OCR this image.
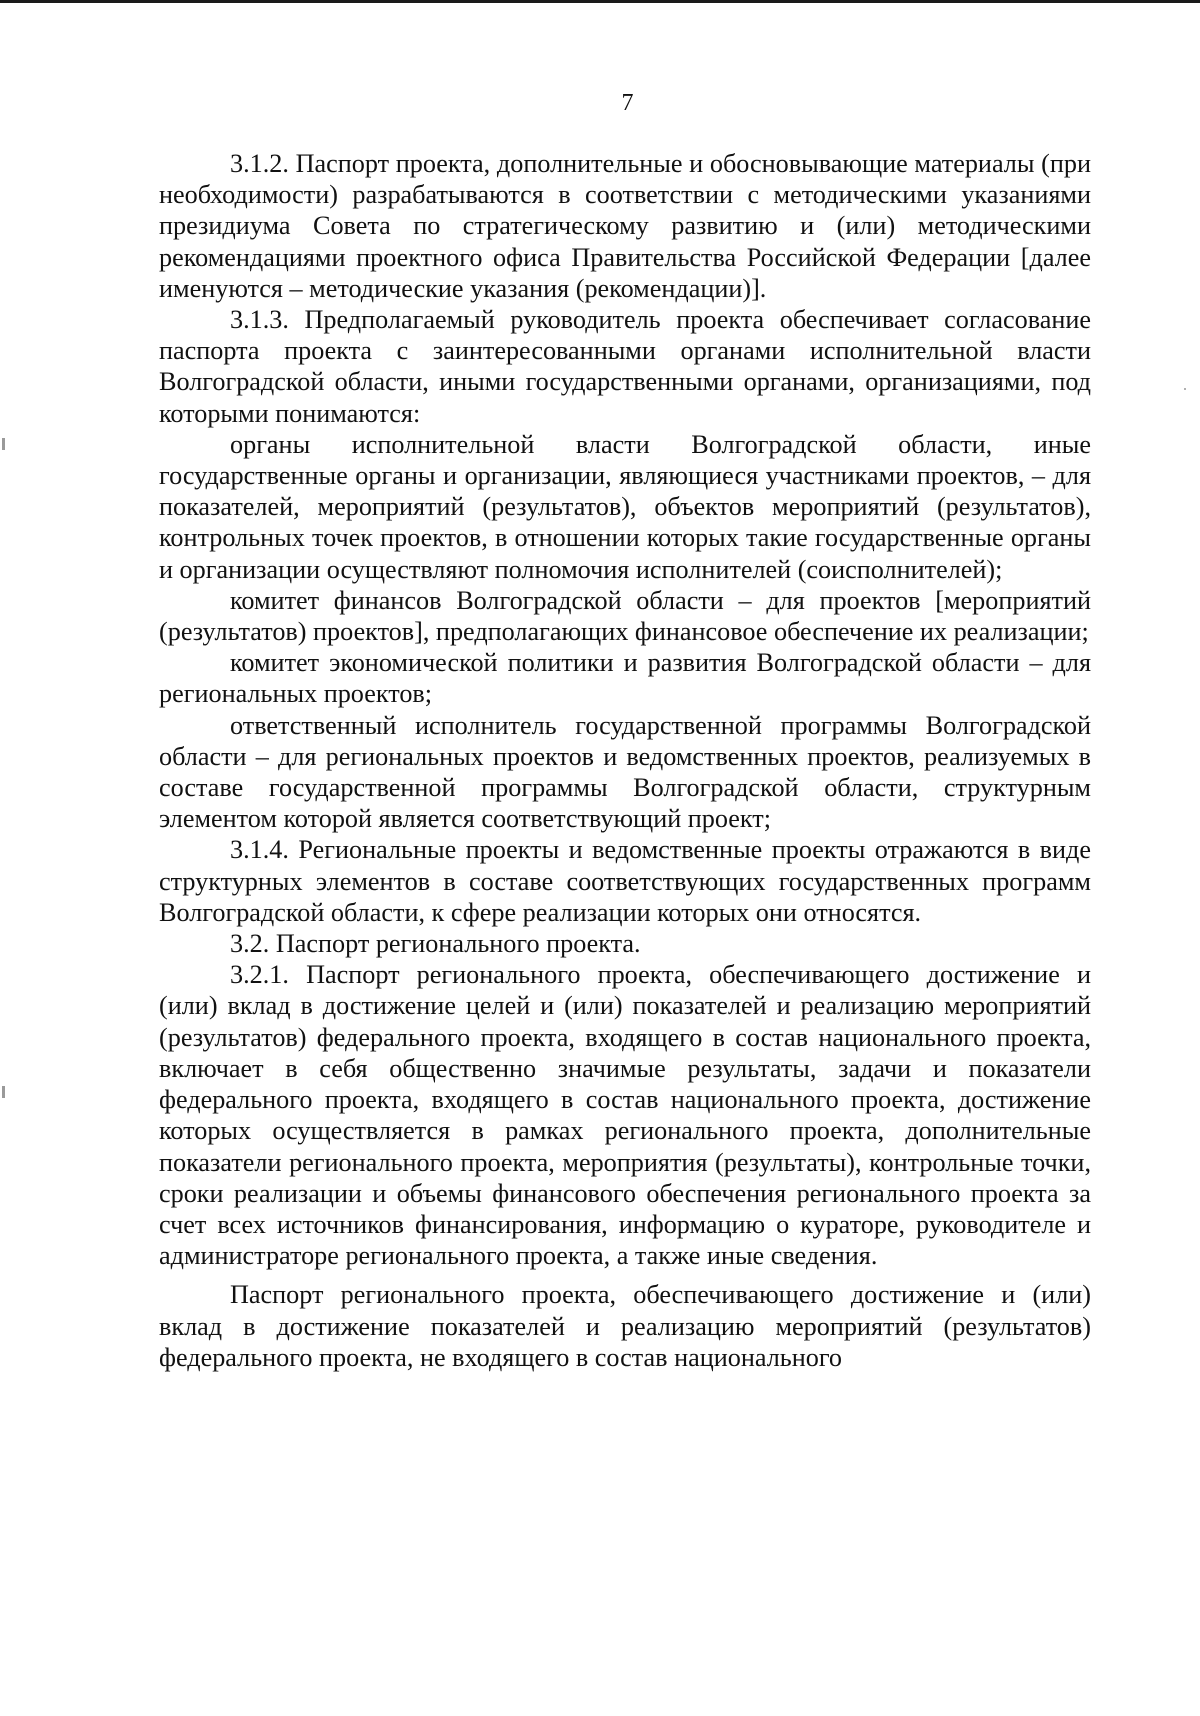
7

3.1.2. Паспорт проекта, дополнительные и обосновывающие материалы (при необходимости) разрабатываются в соответствии с методическими указаниями президиума Совета по стратегическому развитию и (или) методическими рекомендациями проектного офиса Правительства Российской Федерации [далее именуются – методические указания (рекомендации)].

3.1.3. Предполагаемый руководитель проекта обеспечивает согласование паспорта проекта с заинтересованными органами исполнительной власти Волгоградской области, иными государственными органами, организациями, под которыми понимаются:

органы исполнительной власти Волгоградской области, иные государственные органы и организации, являющиеся участниками проектов, – для показателей, мероприятий (результатов), объектов мероприятий (результатов), контрольных точек проектов, в отношении которых такие государственные органы и организации осуществляют полномочия исполнителей (соисполнителей);

комитет финансов Волгоградской области – для проектов [мероприятий (результатов) проектов], предполагающих финансовое обеспечение их реализации;

комитет экономической политики и развития Волгоградской области – для региональных проектов;

ответственный исполнитель государственной программы Волгоградской области – для региональных проектов и ведомственных проектов, реализуемых в составе государственной программы Волгоградской области, структурным элементом которой является соответствующий проект;

3.1.4. Региональные проекты и ведомственные проекты отражаются в виде структурных элементов в составе соответствующих государственных программ Волгоградской области, к сфере реализации которых они относятся.

3.2. Паспорт регионального проекта.

3.2.1. Паспорт регионального проекта, обеспечивающего достижение и (или) вклад в достижение целей и (или) показателей и реализацию мероприятий (результатов) федерального проекта, входящего в состав национального проекта, включает в себя общественно значимые результаты, задачи и показатели федерального проекта, входящего в состав национального проекта, достижение которых осуществляется в рамках регионального проекта, дополнительные показатели регионального проекта, мероприятия (результаты), контрольные точки, сроки реализации и объемы финансового обеспечения регионального проекта за счет всех источников финансирования, информацию о кураторе, руководителе и администраторе регионального проекта, а также иные сведения.

Паспорт регионального проекта, обеспечивающего достижение и (или) вклад в достижение показателей и реализацию мероприятий (результатов) федерального проекта, не входящего в состав национального
